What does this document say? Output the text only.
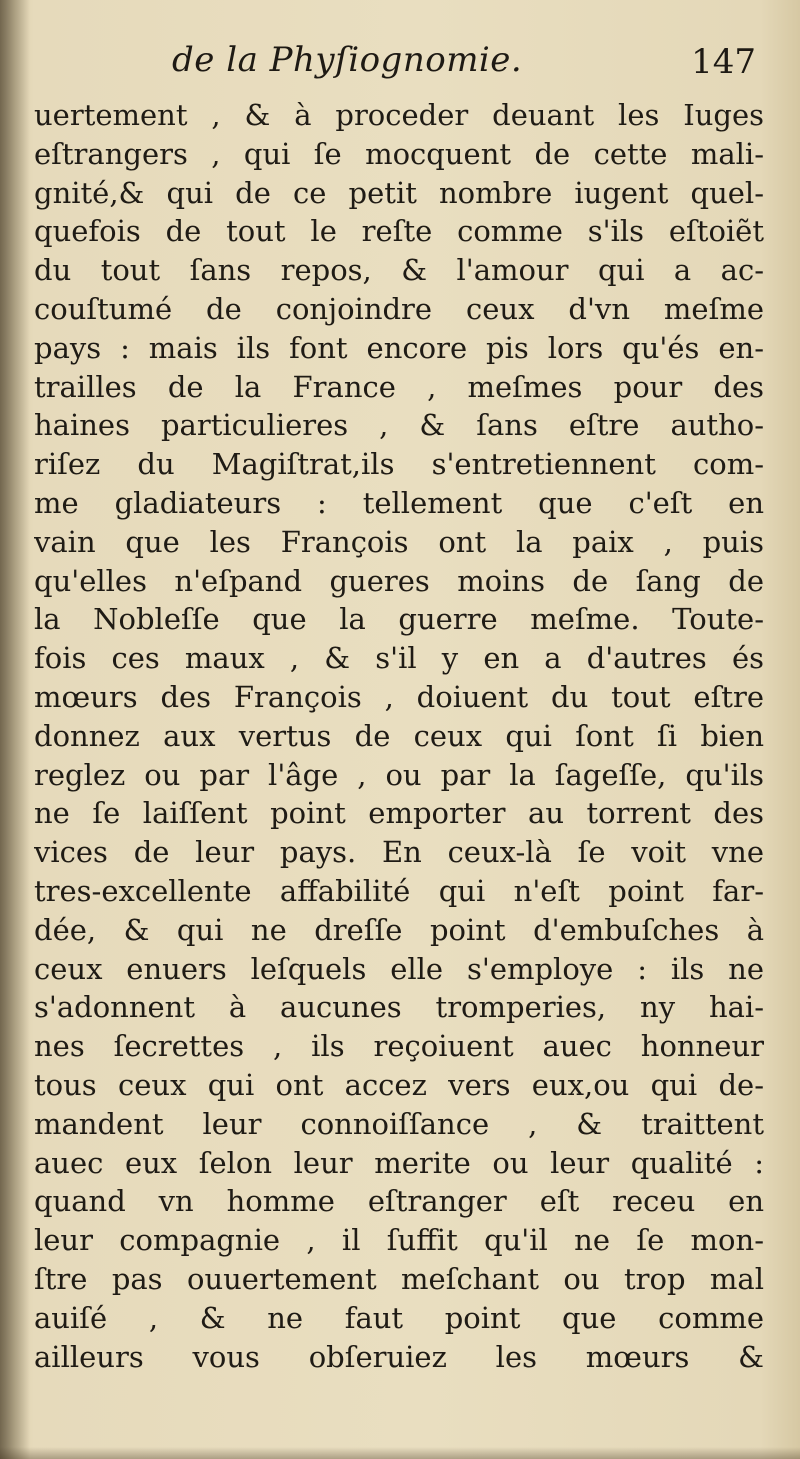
de la Phyſiognomie.	147
uertement , & à proceder deuant les Iuges
eſtrangers , qui ſe mocquent de cette mali-
gnité,& qui de ce petit nombre iugent quel-
quefois de tout le reſte comme s'ils eſtoiẽt
du tout ſans repos, & l'amour qui a ac-
couſtumé de conjoindre ceux d'vn meſme
pays : mais ils font encore pis lors qu'és en-
trailles de la France , meſmes pour des
haines particulieres , & ſans eſtre autho-
riſez du Magiſtrat,ils s'entretiennent com-
me gladiateurs : tellement que c'eſt en
vain que les François ont la paix , puis
qu'elles n'eſpand gueres moins de ſang de
la Nobleſſe que la guerre meſme. Toute-
fois ces maux , & s'il y en a d'autres és
mœurs des François , doiuent du tout eſtre
donnez aux vertus de ceux qui ſont ſi bien
reglez ou par l'âge , ou par la ſageſſe, qu'ils
ne ſe laiſſent point emporter au torrent des
vices de leur pays. En ceux-là ſe voit vne
tres-excellente affabilité qui n'eſt point far-
dée, & qui ne dreſſe point d'embuſches à
ceux enuers leſquels elle s'employe : ils ne
s'adonnent à aucunes tromperies, ny hai-
nes ſecrettes , ils reçoiuent auec honneur
tous ceux qui ont accez vers eux,ou qui de-
mandent leur connoiſſance , & traittent
auec eux ſelon leur merite ou leur qualité :
quand vn homme eſtranger eſt receu en
leur compagnie , il ſuffit qu'il ne ſe mon-
ſtre pas ouuertement meſchant ou trop mal
auiſé , & ne faut point que comme
ailleurs vous obſeruiez les mœurs &
